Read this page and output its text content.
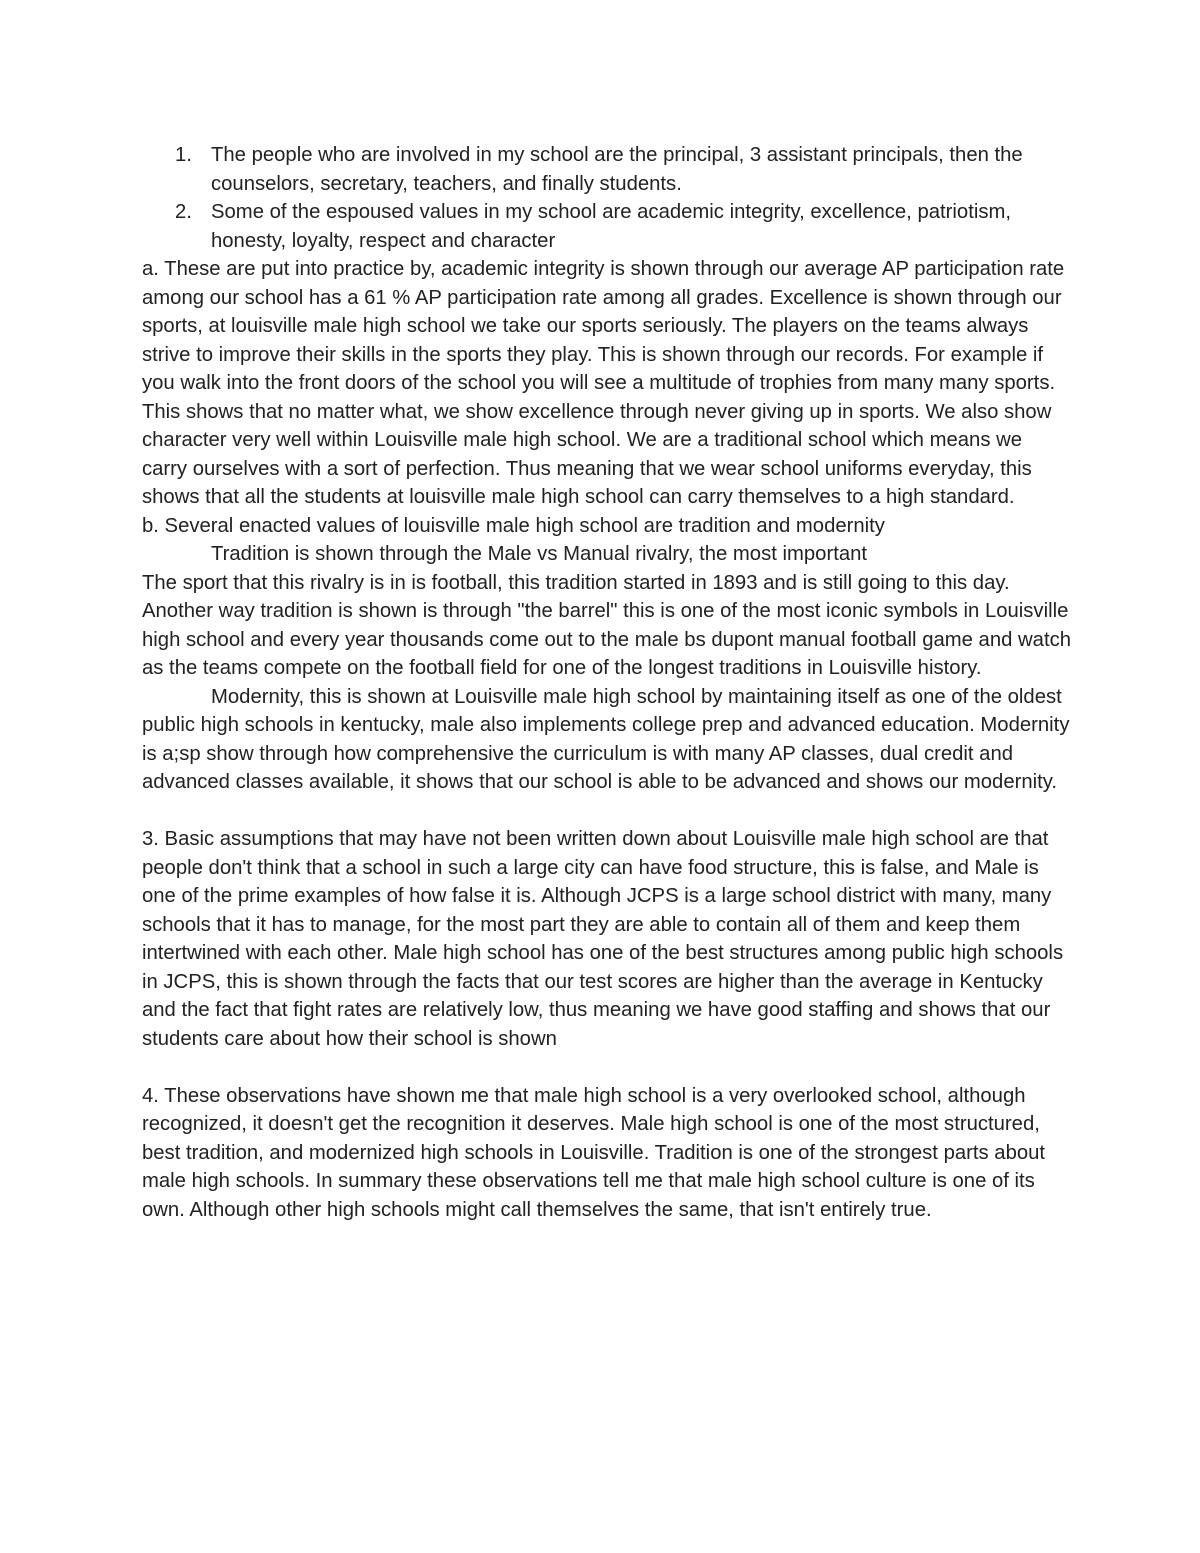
1. The people who are involved in my school are the principal, 3 assistant principals, then the counselors, secretary, teachers, and finally students.
2. Some of the espoused values in my school are academic integrity, excellence, patriotism, honesty, loyalty, respect and character

a. These are put into practice by, academic integrity is shown through our average AP participation rate among our school has a 61 % AP participation rate among all grades. Excellence is shown through our sports, at louisville male high school we take our sports seriously. The players on the teams always strive to improve their skills in the sports they play. This is shown through our records. For example if you walk into the front doors of the school you will see a multitude of trophies from many many sports. This shows that no matter what, we show excellence through never giving up in sports. We also show character very well within Louisville male high school. We are a traditional school which means we carry ourselves with a sort of perfection. Thus meaning that we wear school uniforms everyday, this shows that all the students at louisville male high school can carry themselves to a high standard.

b. Several enacted values of louisville male high school are tradition and modernity

Tradition is shown through the Male vs Manual rivalry, the most important

The sport that this rivalry is in is football, this tradition started in 1893 and is still going to this day. Another way tradition is shown is through "the barrel" this is one of the most iconic symbols in Louisville high school and every year thousands come out to the male bs dupont manual football game and watch as the teams compete on the football field for one of the longest traditions in Louisville history.

Modernity, this is shown at Louisville male high school by maintaining itself as one of the oldest public high schools in kentucky, male also implements college prep and advanced education. Modernity is a;sp show through how comprehensive the curriculum is with many AP classes, dual credit and advanced classes available, it shows that our school is able to be advanced and shows our modernity.

3. Basic assumptions that may have not been written down about Louisville male high school are that people don't think that a school in such a large city can have food structure, this is false, and Male is one of the prime examples of how false it is. Although JCPS is a large school district with many, many schools that it has to manage, for the most part they are able to contain all of them and keep them intertwined with each other. Male high school has one of the best structures among public high schools in JCPS, this is shown through the facts that our test scores are higher than the average in Kentucky and the fact that fight rates are relatively low, thus meaning we have good staffing and shows that our students care about how their school is shown

4. These observations have shown me that male high school is a very overlooked school, although recognized, it doesn't get the recognition it deserves. Male high school is one of the most structured, best tradition, and modernized high schools in Louisville. Tradition is one of the strongest parts about male high schools. In summary these observations tell me that male high school culture is one of its own. Although other high schools might call themselves the same, that isn't entirely true.
